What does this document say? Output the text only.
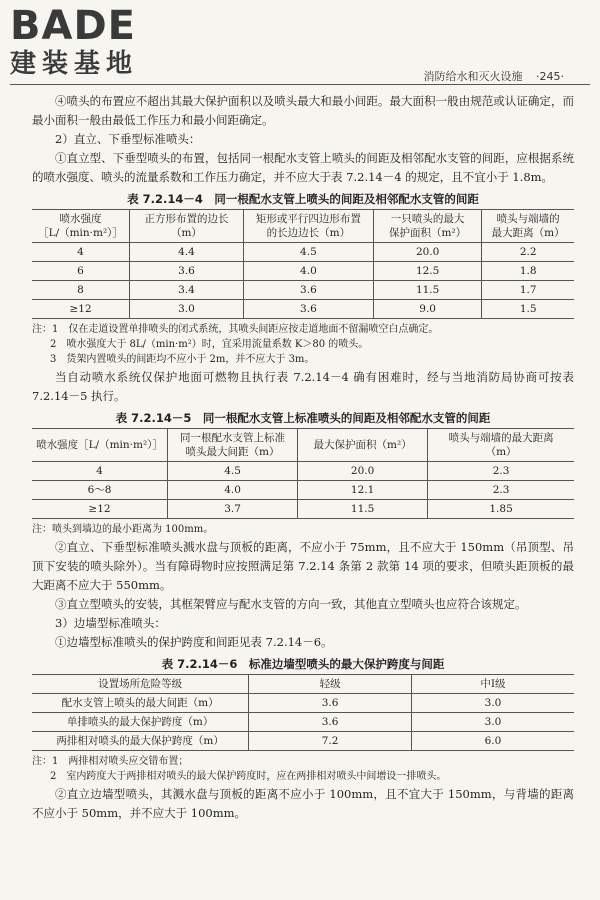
BADE
建装基地	消防给水和灭火设施 ·245·

④喷头的布置应不超出其最大保护面积以及喷头最大和最小间距。最大面积一般由规范或认证确定，而最小面积一般由最低工作压力和最小间距确定。

2）直立、下垂型标准喷头：

①直立型、下垂型喷头的布置，包括同一根配水支管上喷头的间距及相邻配水支管的间距，应根据系统的喷水强度、喷头的流量系数和工作压力确定，并不应大于表 7.2.14－4 的规定，且不宜小于 1.8m。

表 7.2.14－4　同一根配水支管上喷头的间距及相邻配水支管的间距
喷水强度
［L/（min·m²）］	正方形布置的边长
（m）	矩形或平行四边形布置
的长边边长（m）	一只喷头的最大
保护面积（m²）	喷头与端墙的
最大距离（m）
4	4.4	4.5	20.0	2.2
6	3.6	4.0	12.5	1.8
8	3.4	3.6	11.5	1.7
≥12	3.0	3.6	9.0	1.5
注：1　仅在走道设置单排喷头的闭式系统，其喷头间距应按走道地面不留漏喷空白点确定。
2　喷水强度大于 8L/（min·m²）时，宜采用流量系数 K＞80 的喷头。
3　货架内置喷头的间距均不应小于 2m，并不应大于 3m。

当自动喷水系统仅保护地面可燃物且执行表 7.2.14－4 确有困难时，经与当地消防局协商可按表 7.2.14－5 执行。

表 7.2.14－5　同一根配水支管上标准喷头的间距及相邻配水支管的间距
喷水强度［L/（min·m²）］	同一根配水支管上标准
喷头最大间距（m）	最大保护面积（m²）	喷头与端墙的最大距离
（m）
4	4.5	20.0	2.3
6～8	4.0	12.1	2.3
≥12	3.7	11.5	1.85
注：喷头到墙边的最小距离为 100mm。

②直立、下垂型标准喷头溅水盘与顶板的距离，不应小于 75mm，且不应大于 150mm（吊顶型、吊顶下安装的喷头除外）。当有障碍物时应按照满足第 7.2.14 条第 2 款第 14 项的要求，但喷头距顶板的最大距离不应大于 550mm。

③直立型喷头的安装，其框架臂应与配水支管的方向一致，其他直立型喷头也应符合该规定。

3）边墙型标准喷头：

①边墙型标准喷头的保护跨度和间距见表 7.2.14－6。

表 7.2.14－6　标准边墙型喷头的最大保护跨度与间距
设置场所危险等级	轻级	中Ⅰ级
配水支管上喷头的最大间距（m）	3.6	3.0
单排喷头的最大保护跨度（m）	3.6	3.0
两排相对喷头的最大保护跨度（m）	7.2	6.0
注：1　两排相对喷头应交错布置；
2　室内跨度大于两排相对喷头的最大保护跨度时，应在两排相对喷头中间增设一排喷头。

②直立边墙型喷头，其溅水盘与顶板的距离不应小于 100mm，且不宜大于 150mm，与背墙的距离不应小于 50mm，并不应大于 100mm。
